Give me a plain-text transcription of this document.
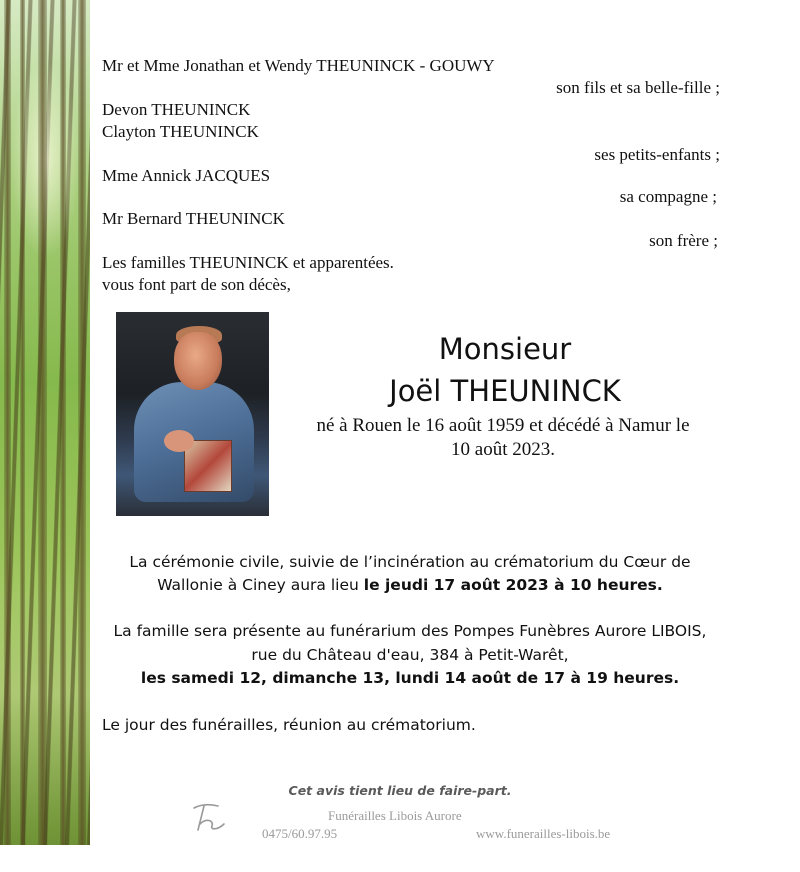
Mr et Mme Jonathan et Wendy THEUNINCK - GOUWY
son fils et sa belle-fille ;
Devon THEUNINCK
Clayton THEUNINCK
ses petits-enfants ;
Mme Annick JACQUES
sa compagne ;
Mr Bernard THEUNINCK
son frère ;
Les familles THEUNINCK et apparentées.
vous font part de son décès,
Monsieur
Joël THEUNINCK
né à Rouen le 16 août 1959 et décédé à Namur le
10 août 2023.
La cérémonie civile, suivie de l’incinération au crématorium du Cœur de
Wallonie à Ciney aura lieu le jeudi 17 août 2023 à 10 heures.
La famille sera présente au funérarium des Pompes Funèbres Aurore LIBOIS,
rue du Château d'eau, 384 à Petit-Warêt,
les samedi 12, dimanche 13, lundi 14 août de 17 à 19 heures.
Le jour des funérailles, réunion au crématorium.
Cet avis tient lieu de faire-part.
Funérailles Libois Aurore
0475/60.97.95	www.funerailles-libois.be
